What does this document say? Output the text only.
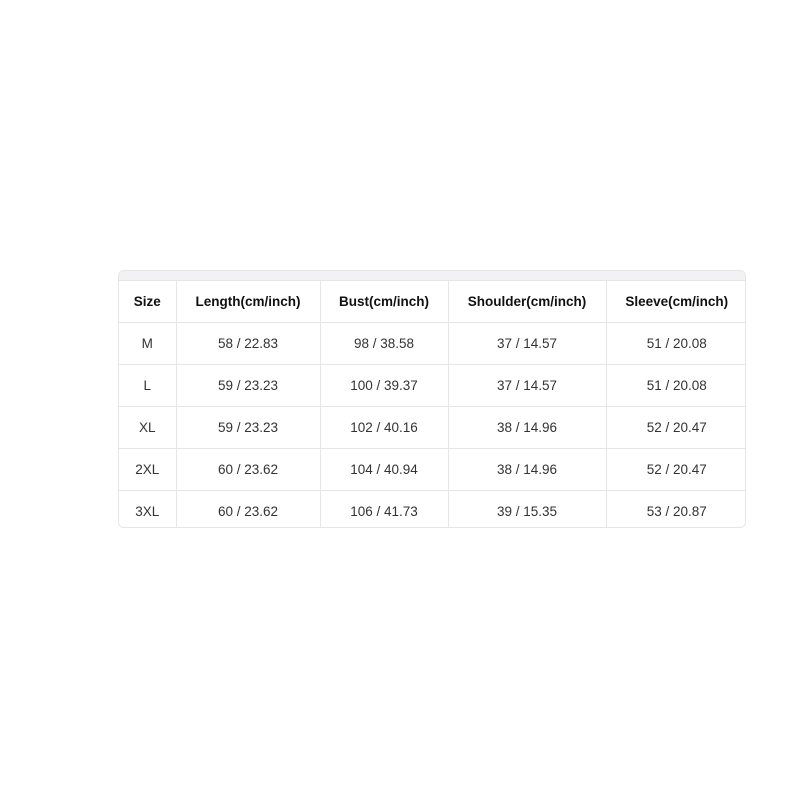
Size	Length(cm/inch)	Bust(cm/inch)	Shoulder(cm/inch)	Sleeve(cm/inch)
M	58 / 22.83	98 / 38.58	37 / 14.57	51 / 20.08
L	59 / 23.23	100 / 39.37	37 / 14.57	51 / 20.08
XL	59 / 23.23	102 / 40.16	38 / 14.96	52 / 20.47
2XL	60 / 23.62	104 / 40.94	38 / 14.96	52 / 20.47
3XL	60 / 23.62	106 / 41.73	39 / 15.35	53 / 20.87
